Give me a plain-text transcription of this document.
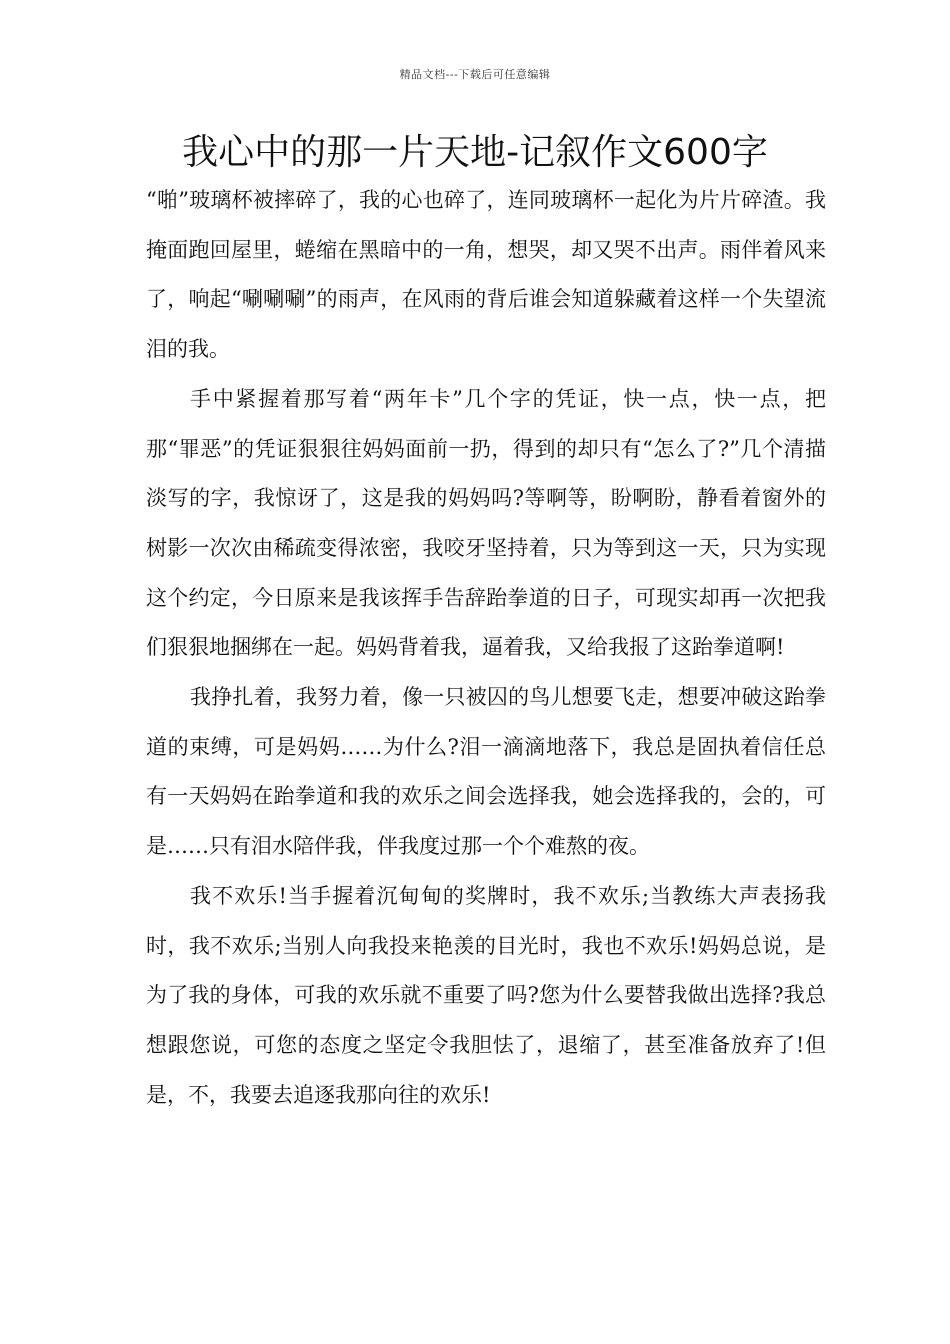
精品文档---下载后可任意编辑
我心中的那一片天地-记叙作文600字

“啪”玻璃杯被摔碎了，我的心也碎了，连同玻璃杯一起化为片片碎渣。我掩面跑回屋里，蜷缩在黑暗中的一角，想哭，却又哭不出声。雨伴着风来了，响起“唰唰唰”的雨声，在风雨的背后谁会知道躲藏着这样一个失望流泪的我。

手中紧握着那写着“两年卡”几个字的凭证，快一点，快一点，把那“罪恶”的凭证狠狠往妈妈面前一扔，得到的却只有“怎么了?”几个清描淡写的字，我惊讶了，这是我的妈妈吗?等啊等，盼啊盼，静看着窗外的树影一次次由稀疏变得浓密，我咬牙坚持着，只为等到这一天，只为实现这个约定，今日原来是我该挥手告辞跆拳道的日子，可现实却再一次把我们狠狠地捆绑在一起。妈妈背着我，逼着我，又给我报了这跆拳道啊!

我挣扎着，我努力着，像一只被囚的鸟儿想要飞走，想要冲破这跆拳道的束缚，可是妈妈……为什么?泪一滴滴地落下，我总是固执着信任总有一天妈妈在跆拳道和我的欢乐之间会选择我，她会选择我的，会的，可是……只有泪水陪伴我，伴我度过那一个个难熬的夜。

我不欢乐!当手握着沉甸甸的奖牌时，我不欢乐;当教练大声表扬我时，我不欢乐;当别人向我投来艳羡的目光时，我也不欢乐!妈妈总说，是为了我的身体，可我的欢乐就不重要了吗?您为什么要替我做出选择?我总想跟您说，可您的态度之坚定令我胆怯了，退缩了，甚至准备放弃了!但是，不，我要去追逐我那向往的欢乐!
